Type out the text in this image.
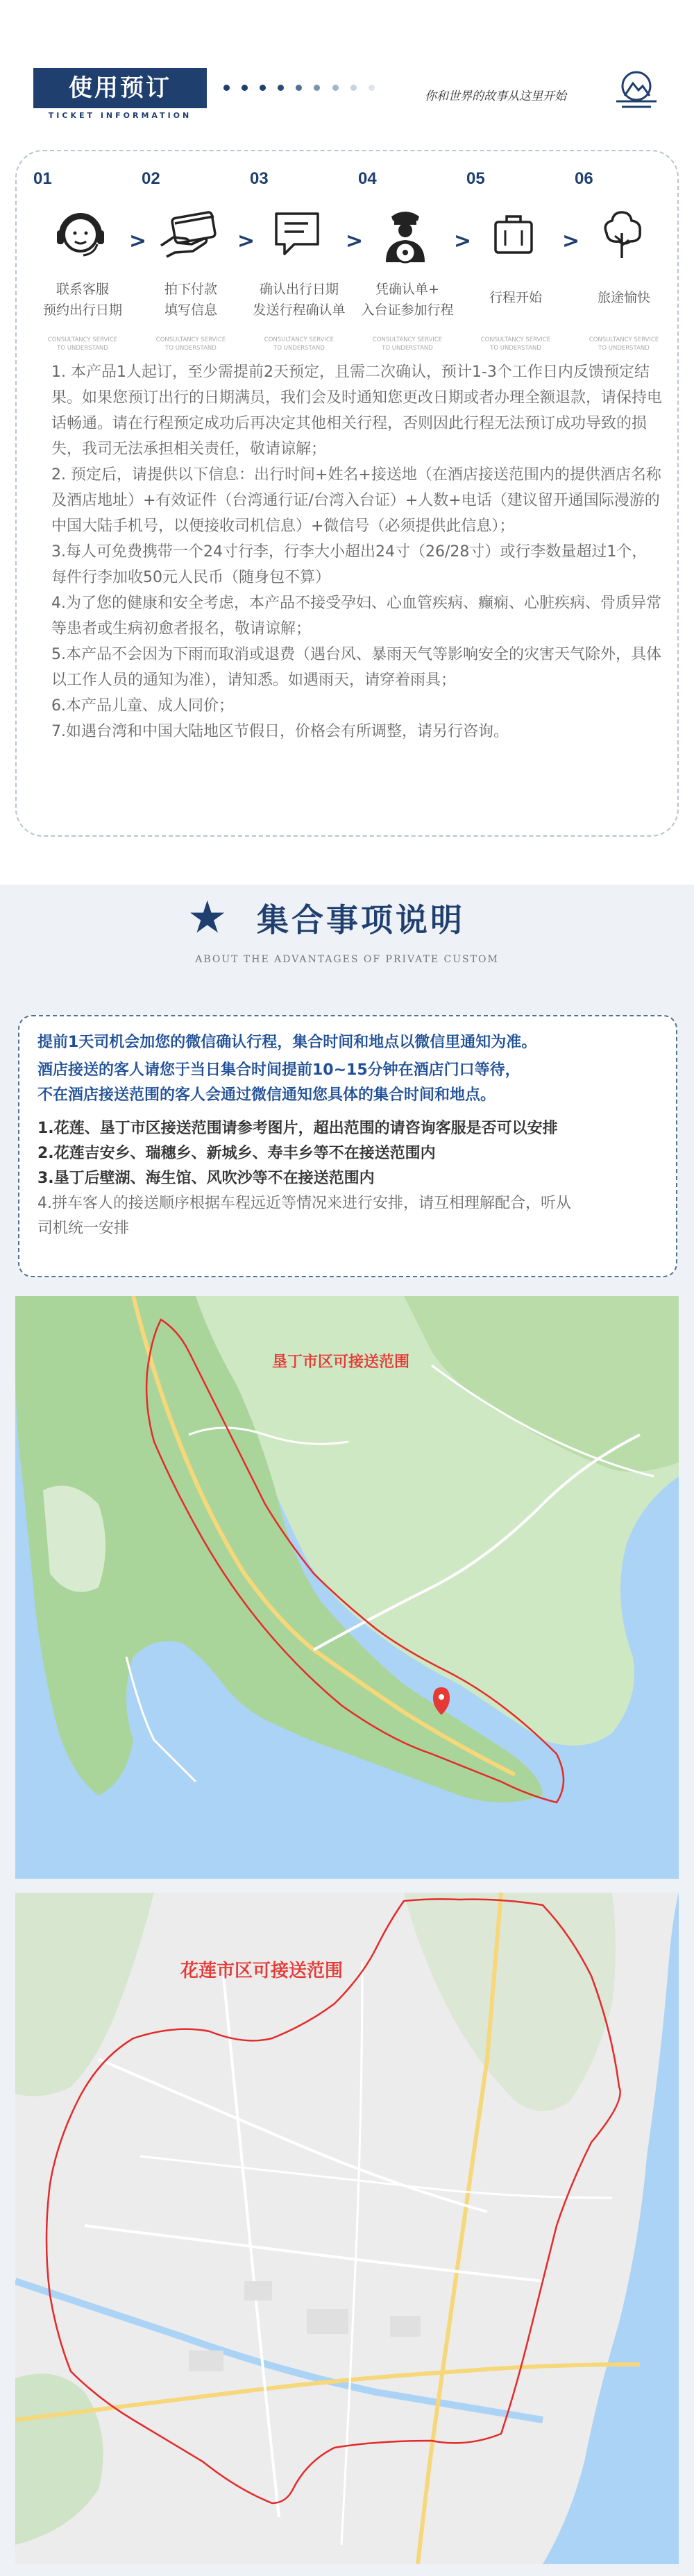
使用预订
TICKET INFORMATION

你和世界的故事从这里开始
01
联系客服
预约出行日期
CONSULTANCY SERVICE
TO UNDERSTAND
>
02
拍下付款
填写信息
CONSULTANCY SERVICE
TO UNDERSTAND
>
03
确认出行日期
发送行程确认单
CONSULTANCY SERVICE
TO UNDERSTAND
>
04
凭确认单+
入台证参加行程
CONSULTANCY SERVICE
TO UNDERSTAND
>
05
行程开始
CONSULTANCY SERVICE
TO UNDERSTAND
>
06
旅途愉快
CONSULTANCY SERVICE
TO UNDERSTAND

1. 本产品1人起订，至少需提前2天预定，且需二次确认，预计1-3个工作日内反馈预定结果。如果您预订出行的日期满员，我们会及时通知您更改日期或者办理全额退款，请保持电话畅通。请在行程预定成功后再决定其他相关行程，否则因此行程无法预订成功导致的损失，我司无法承担相关责任，敬请谅解；

2. 预定后，请提供以下信息：出行时间+姓名+接送地（在酒店接送范围内的提供酒店名称及酒店地址）+有效证件（台湾通行证/台湾入台证）+人数+电话（建议留开通国际漫游的中国大陆手机号，以便接收司机信息）+微信号（必须提供此信息）；

3.每人可免费携带一个24寸行李，行李大小超出24寸（26/28寸）或行李数量超过1个，每件行李加收50元人民币（随身包不算）

4.为了您的健康和安全考虑，本产品不接受孕妇、心血管疾病、癫痫、心脏疾病、骨质异常等患者或生病初愈者报名，敬请谅解；

5.本产品不会因为下雨而取消或退费（遇台风、暴雨天气等影响安全的灾害天气除外，具体以工作人员的通知为准），请知悉。如遇雨天，请穿着雨具；

6.本产品儿童、成人同价；

7.如遇台湾和中国大陆地区节假日，价格会有所调整，请另行咨询。

★ 集合事项说明
ABOUT THE ADVANTAGES OF PRIVATE CUSTOM
提前1天司机会加您的微信确认行程，集合时间和地点以微信里通知为准。
酒店接送的客人请您于当日集合时间提前10~15分钟在酒店门口等待，
不在酒店接送范围的客人会通过微信通知您具体的集合时间和地点。
1.花莲、垦丁市区接送范围请参考图片，超出范围的请咨询客服是否可以安排
2.花莲吉安乡、瑞穗乡、新城乡、寿丰乡等不在接送范围内
3.垦丁后壁湖、海生馆、风吹沙等不在接送范围内
4.拼车客人的接送顺序根据车程远近等情况来进行安排，请互相理解配合，听从
司机统一安排
垦丁市区可接送范围
花莲市区可接送范围
